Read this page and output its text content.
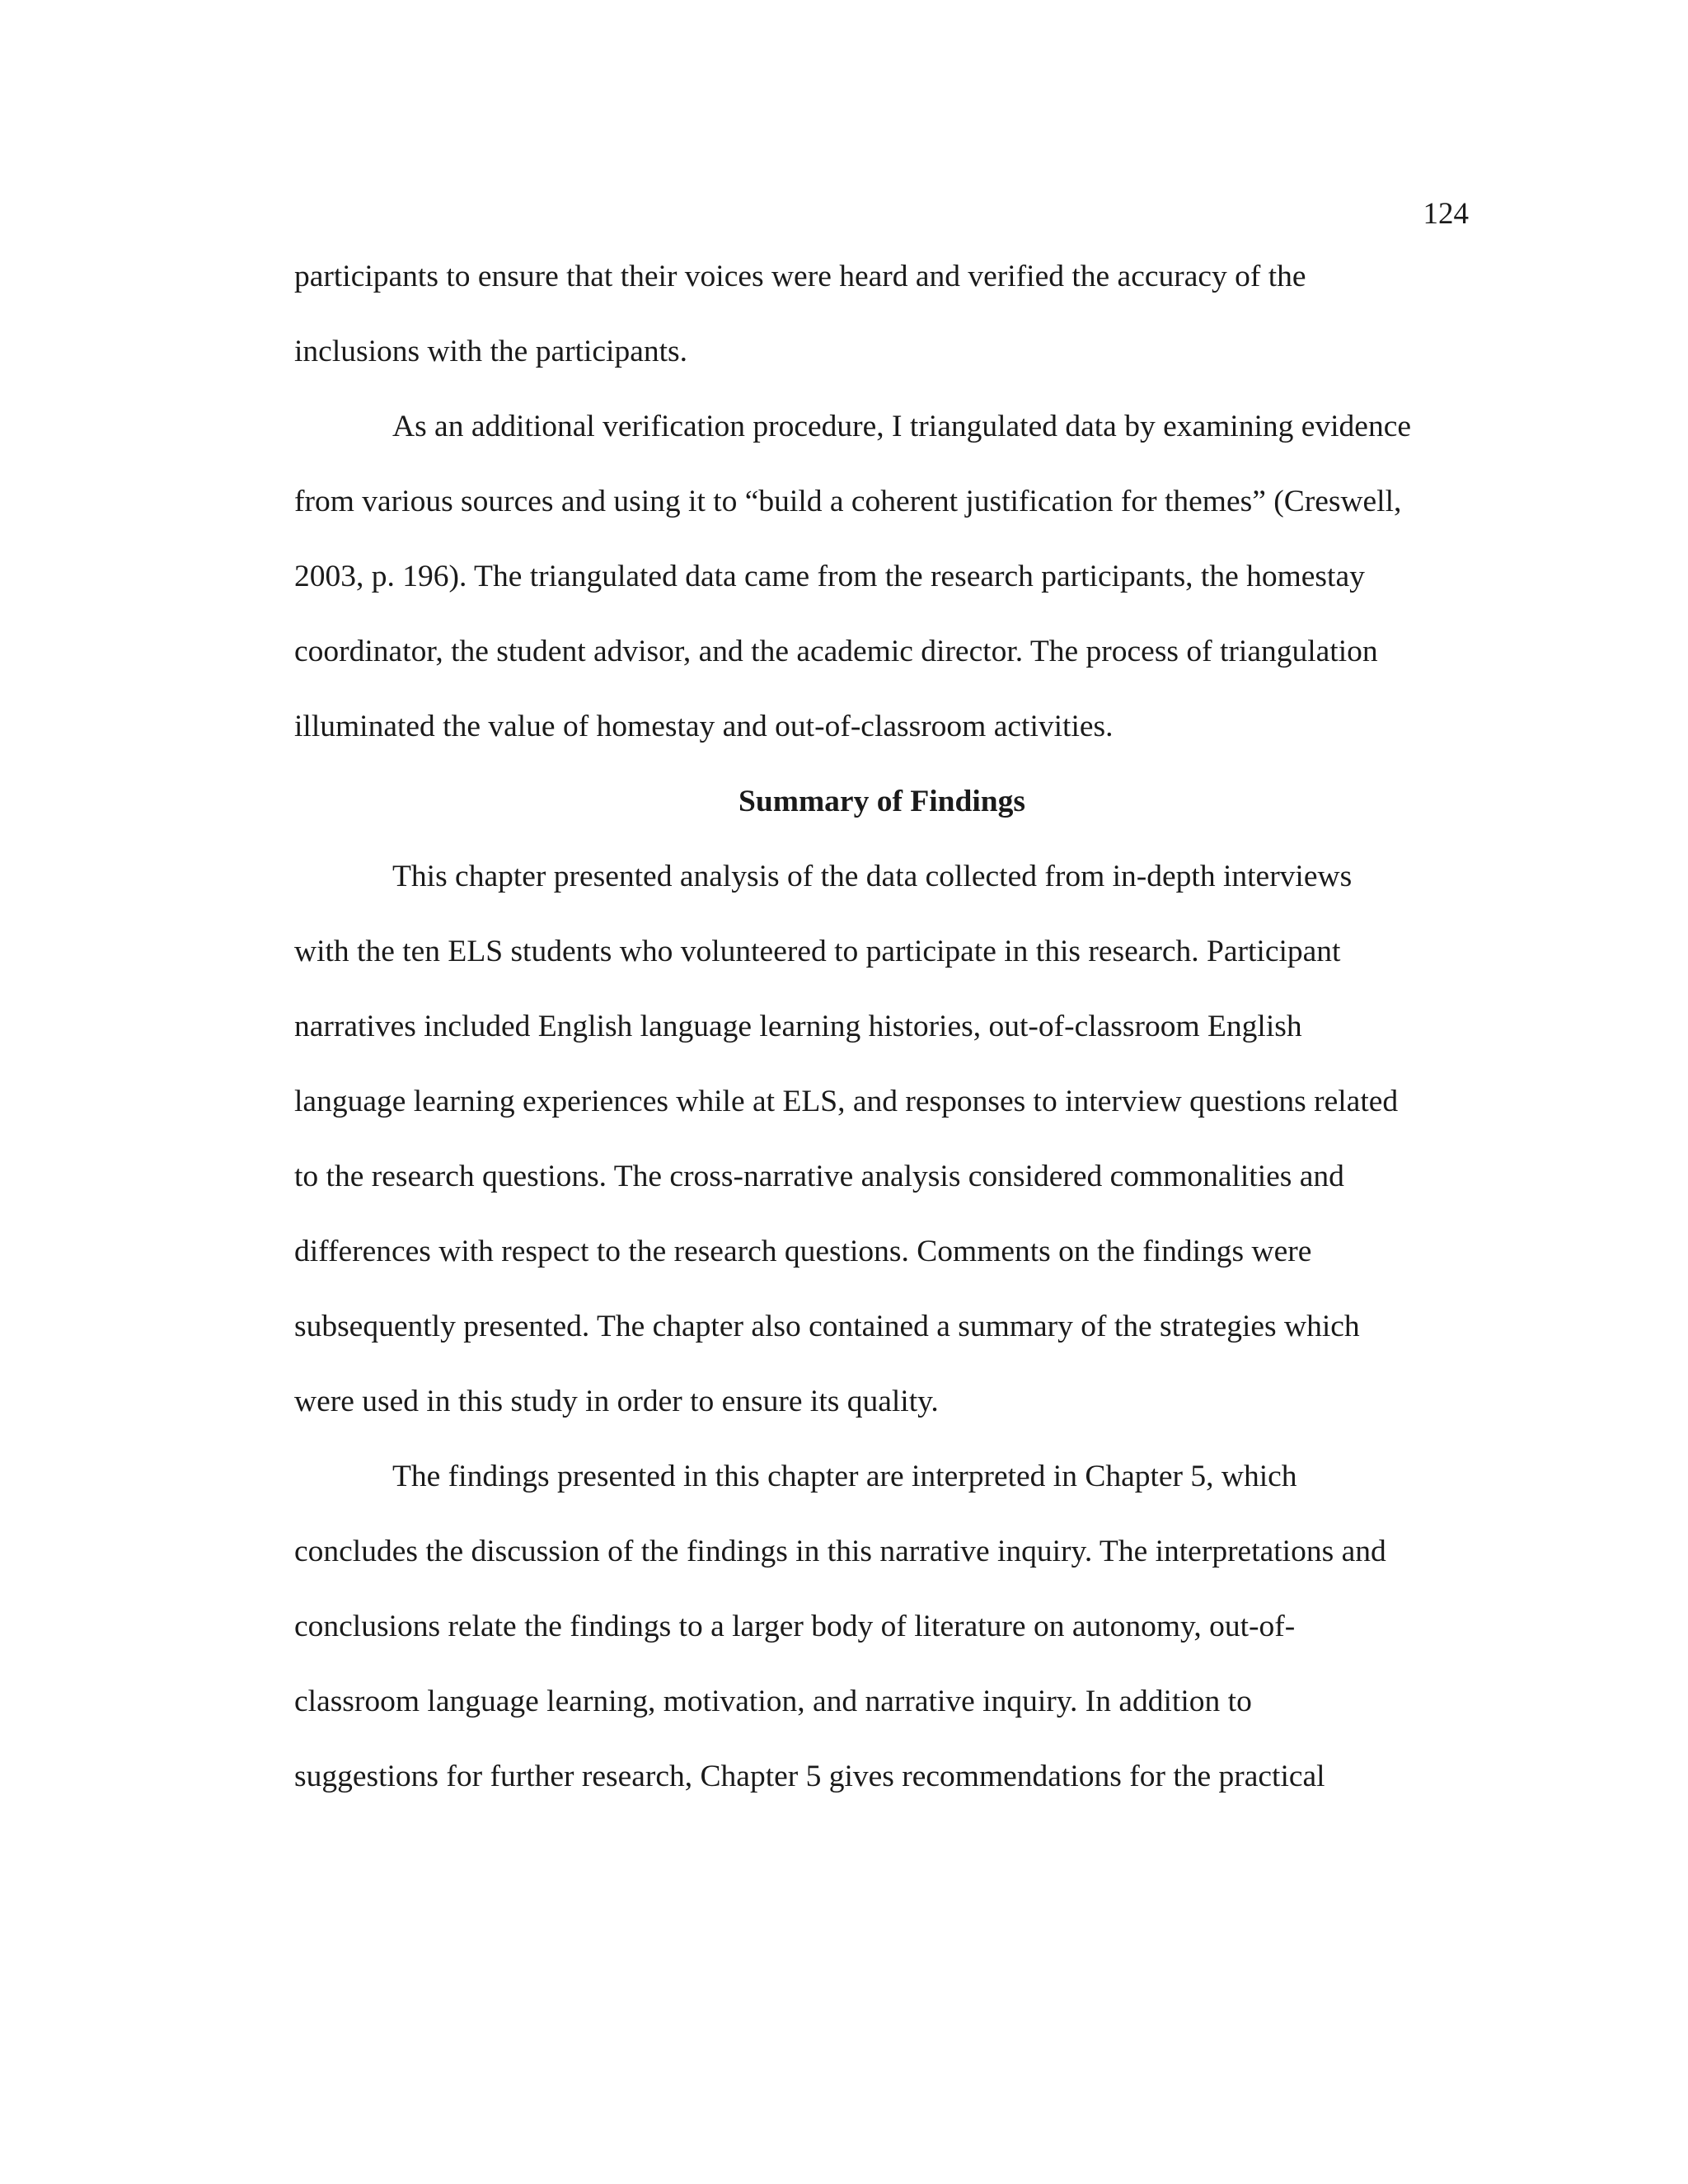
124
participants to ensure that their voices were heard and verified the accuracy of the
inclusions with the participants.
As an additional verification procedure, I triangulated data by examining evidence
from various sources and using it to “build a coherent justification for themes” (Creswell,
2003, p. 196). The triangulated data came from the research participants, the homestay
coordinator, the student advisor, and the academic director. The process of triangulation
illuminated the value of homestay and out-of-classroom activities.
Summary of Findings
This chapter presented analysis of the data collected from in-depth interviews
with the ten ELS students who volunteered to participate in this research. Participant
narratives included English language learning histories, out-of-classroom English
language learning experiences while at ELS, and responses to interview questions related
to the research questions. The cross-narrative analysis considered commonalities and
differences with respect to the research questions. Comments on the findings were
subsequently presented. The chapter also contained a summary of the strategies which
were used in this study in order to ensure its quality.
The findings presented in this chapter are interpreted in Chapter 5, which
concludes the discussion of the findings in this narrative inquiry. The interpretations and
conclusions relate the findings to a larger body of literature on autonomy, out-of-
classroom language learning, motivation, and narrative inquiry. In addition to
suggestions for further research, Chapter 5 gives recommendations for the practical
